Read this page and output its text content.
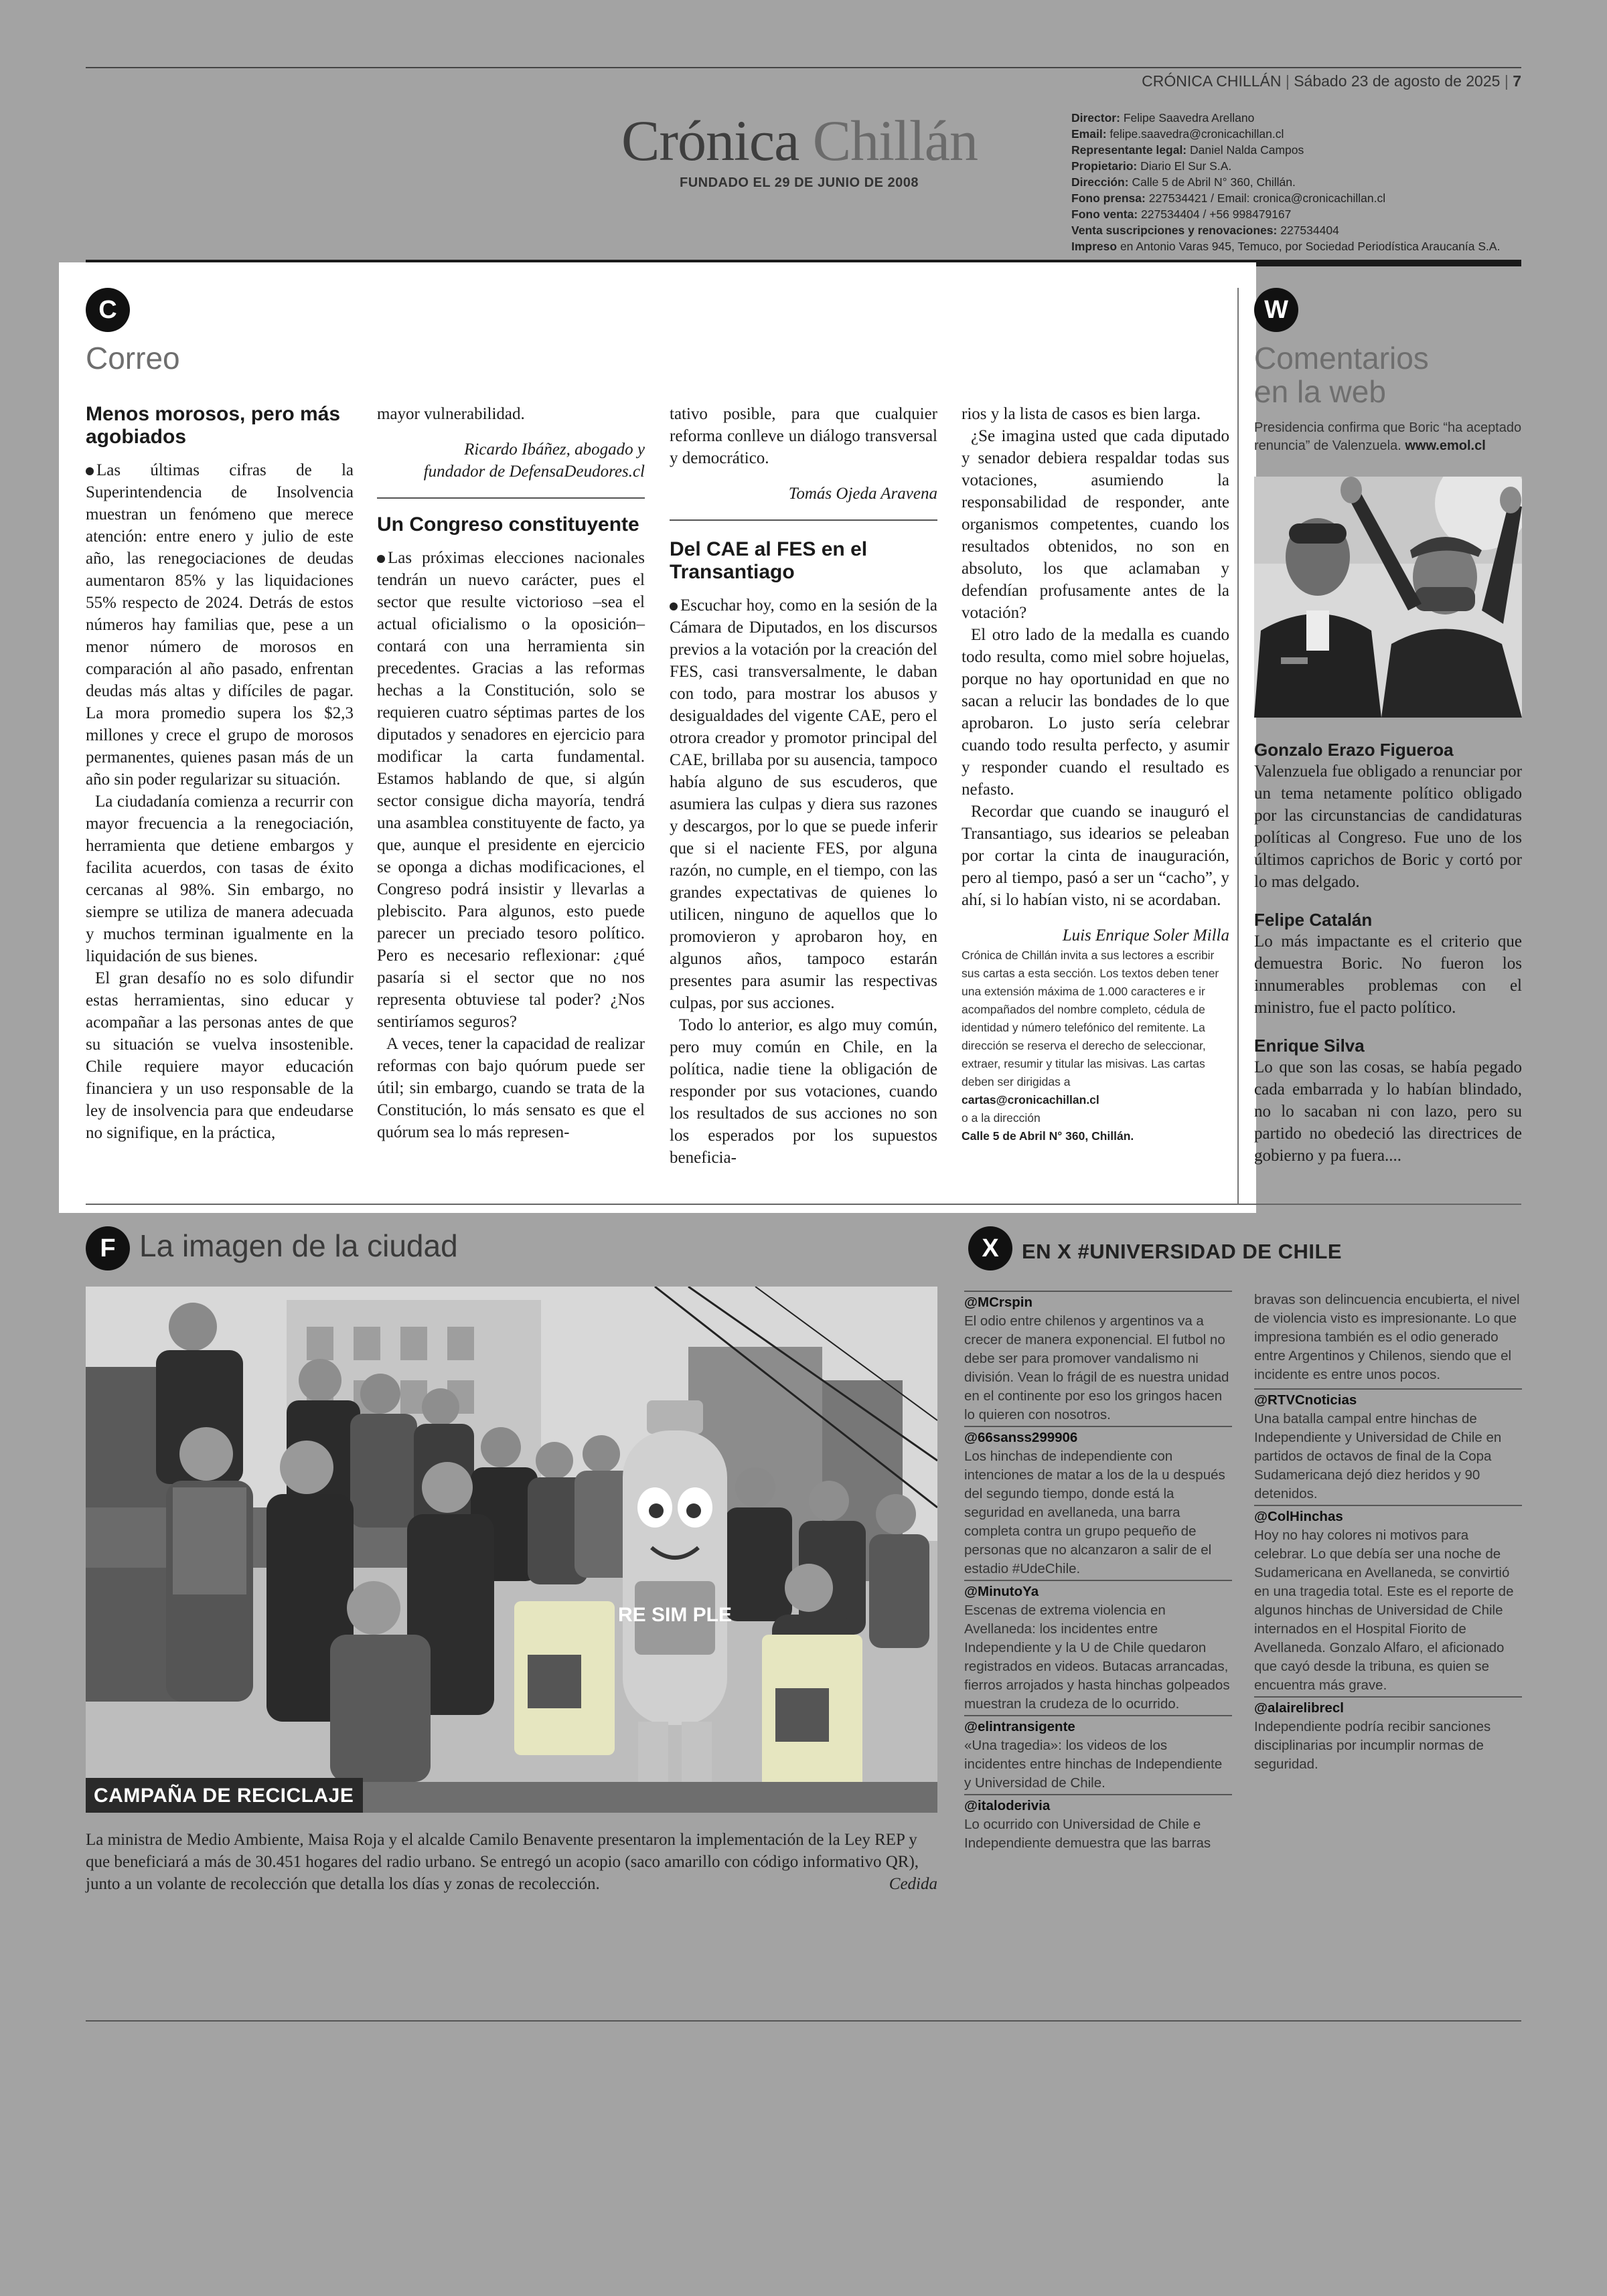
CRÓNICA CHILLÁN | Sábado 23 de agosto de 2025 | 7
Crónica Chillán
FUNDADO EL 29 DE JUNIO DE 2008
Director: Felipe Saavedra Arellano
Email: felipe.saavedra@cronicachillan.cl
Representante legal: Daniel Nalda Campos
Propietario: Diario El Sur S.A.
Dirección: Calle 5 de Abril N° 360, Chillán.
Fono prensa: 227534421 / Email: cronica@cronicachillan.cl
Fono venta: 227534404 / +56 998479167
Venta suscripciones y renovaciones: 227534404
Impreso en Antonio Varas 945, Temuco, por Sociedad Periodística Araucanía S.A.
C
Correo
Menos morosos, pero más agobiados

Las últimas cifras de la Superintendencia de Insolvencia muestran un fenómeno que merece atención: entre enero y julio de este año, las renegociaciones de deudas aumentaron 85% y las liquidaciones 55% respecto de 2024. Detrás de estos números hay familias que, pese a un menor número de morosos en comparación al año pasado, enfrentan deudas más altas y difíciles de pagar. La mora promedio supera los $2,3 millones y crece el grupo de morosos permanentes, quienes pasan más de un año sin poder regularizar su situación.

La ciudadanía comienza a recurrir con mayor frecuencia a la renegociación, herramienta que detiene embargos y facilita acuerdos, con tasas de éxito cercanas al 98%. Sin embargo, no siempre se utiliza de manera adecuada y muchos terminan igualmente en la liquidación de sus bienes.

El gran desafío no es solo difundir estas herramientas, sino educar y acompañar a las personas antes de que su situación se vuelva insostenible. Chile requiere mayor educación financiera y un uso responsable de la ley de insolvencia para que endeudarse no signifique, en la práctica,

mayor vulnerabilidad.

Ricardo Ibáñez, abogado y

fundador de DefensaDeudores.cl

Un Congreso constituyente

Las próximas elecciones nacionales tendrán un nuevo carácter, pues el sector que resulte victorioso –sea el actual oficialismo o la oposición– contará con una herramienta sin precedentes. Gracias a las reformas hechas a la Constitución, solo se requieren cuatro séptimas partes de los diputados y senadores en ejercicio para modificar la carta fundamental. Estamos hablando de que, si algún sector consigue dicha mayoría, tendrá una asamblea constituyente de facto, ya que, aunque el presidente en ejercicio se oponga a dichas modificaciones, el Congreso podrá insistir y llevarlas a plebiscito. Para algunos, esto puede parecer un preciado tesoro político. Pero es necesario reflexionar: ¿qué pasaría si el sector que no nos representa obtuviese tal poder? ¿Nos sentiríamos seguros?

A veces, tener la capacidad de realizar reformas con bajo quórum puede ser útil; sin embargo, cuando se trata de la Constitución, lo más sensato es que el quórum sea lo más represen-

tativo posible, para que cualquier reforma conlleve un diálogo transversal y democrático.

Tomás Ojeda Aravena

Del CAE al FES en el Transantiago

Escuchar hoy, como en la sesión de la Cámara de Diputados, en los discursos previos a la votación por la creación del FES, casi transversalmente, le daban con todo, para mostrar los abusos y desigualdades del vigente CAE, pero el otrora creador y promotor principal del CAE, brillaba por su ausencia, tampoco había alguno de sus escuderos, que asumiera las culpas y diera sus razones y descargos, por lo que se puede inferir que si el naciente FES, por alguna razón, no cumple, en el tiempo, con las grandes expectativas de quienes lo utilicen, ninguno de aquellos que lo promovieron y aprobaron hoy, en algunos años, tampoco estarán presentes para asumir las respectivas culpas, por sus acciones.

Todo lo anterior, es algo muy común, pero muy común en Chile, en la política, nadie tiene la obligación de responder por sus votaciones, cuando los resultados de sus acciones no son los esperados por los supuestos beneficia-

rios y la lista de casos es bien larga.

¿Se imagina usted que cada diputado y senador debiera respaldar todas sus votaciones, asumiendo la responsabilidad de responder, ante organismos competentes, cuando los resultados obtenidos, no son en absoluto, los que aclamaban y defendían profusamente antes de la votación?

El otro lado de la medalla es cuando todo resulta, como miel sobre hojuelas, porque no hay oportunidad en que no sacan a relucir las bondades de lo que aprobaron. Lo justo sería celebrar cuando todo resulta perfecto, y asumir y responder cuando el resultado es nefasto.

Recordar que cuando se inauguró el Transantiago, sus idearios se peleaban por cortar la cinta de inauguración, pero al tiempo, pasó a ser un “cacho”, y ahí, si lo habían visto, ni se acordaban.

Luis Enrique Soler Milla

Crónica de Chillán invita a sus lectores a escribir sus cartas a esta sección. Los textos deben tener una extensión máxima de 1.000 caracteres e ir acompañados del nombre completo, cédula de identidad y número telefónico del remitente. La dirección se reserva el derecho de seleccionar, extraer, resumir y titular las misivas. Las cartas deben ser dirigidas a
cartas@cronicachillan.cl
o a la dirección
Calle 5 de Abril N° 360, Chillán.
W
Comentarios
en la web
Presidencia confirma que Boric “ha aceptado renuncia” de Valenzuela. www.emol.cl
Gonzalo Erazo Figueroa

Valenzuela fue obligado a renunciar por un tema netamente político obligado por las circunstancias de candidaturas políticas al Congreso. Fue uno de los últimos caprichos de Boric y cortó por lo mas delgado.

Felipe Catalán

Lo más impactante es el criterio que demuestra Boric. No fueron los innumerables problemas con el ministro, fue el pacto político.

Enrique Silva

Lo que son las cosas, se había pegado cada embarrada y lo habían blindado, no lo sacaban ni con lazo, pero su partido no obedeció las directrices de gobierno y pa fuera....

F La imagen de la ciudad
RE SIM PLE
CAMPAÑA DE RECICLAJE
La ministra de Medio Ambiente, Maisa Roja y el alcalde Camilo Benavente presentaron la implementación de la Ley REP y que beneficiará a más de 30.451 hogares del radio urbano. Se entregó un acopio (saco amarillo con código informativo QR), junto a un volante de recolección que detalla los días y zonas de recolección.	Cedida
X	EN X #UNIVERSIDAD DE CHILE
@MCrspin

El odio entre chilenos y argentinos va a crecer de manera exponencial. El futbol no debe ser para promover vandalismo ni división. Vean lo frágil de es nuestra unidad en el continente por eso los gringos hacen lo quieren con nosotros.

@66sanss299906

Los hinchas de independiente con intenciones de matar a los de la u después del segundo tiempo, donde está la seguridad en avellaneda, una barra completa contra un grupo pequeño de personas que no alcanzaron a salir de el estadio #UdeChile.

@MinutoYa

Escenas de extrema violencia en Avellaneda: los incidentes entre Independiente y la U de Chile quedaron registrados en videos. Butacas arrancadas, fierros arrojados y hasta hinchas golpeados muestran la crudeza de lo ocurrido.

@elintransigente

«Una tragedia»: los videos de los incidentes entre hinchas de Independiente y Universidad de Chile.

@italoderivia

Lo ocurrido con Universidad de Chile e Independiente demuestra que las barras

bravas son delincuencia encubierta, el nivel de violencia visto es impresionante. Lo que impresiona también es el odio generado entre Argentinos y Chilenos, siendo que el incidente es entre unos pocos.

@RTVCnoticias

Una batalla campal entre hinchas de Independiente y Universidad de Chile en partidos de octavos de final de la Copa Sudamericana dejó diez heridos y 90 detenidos.

@ColHinchas

Hoy no hay colores ni motivos para celebrar. Lo que debía ser una noche de Sudamericana en Avellaneda, se convirtió en una tragedia total. Este es el reporte de algunos hinchas de Universidad de Chile internados en el Hospital Fiorito de Avellaneda. Gonzalo Alfaro, el aficionado que cayó desde la tribuna, es quien se encuentra más grave.

@alairelibrecl

Independiente podría recibir sanciones disciplinarias por incumplir normas de seguridad.
